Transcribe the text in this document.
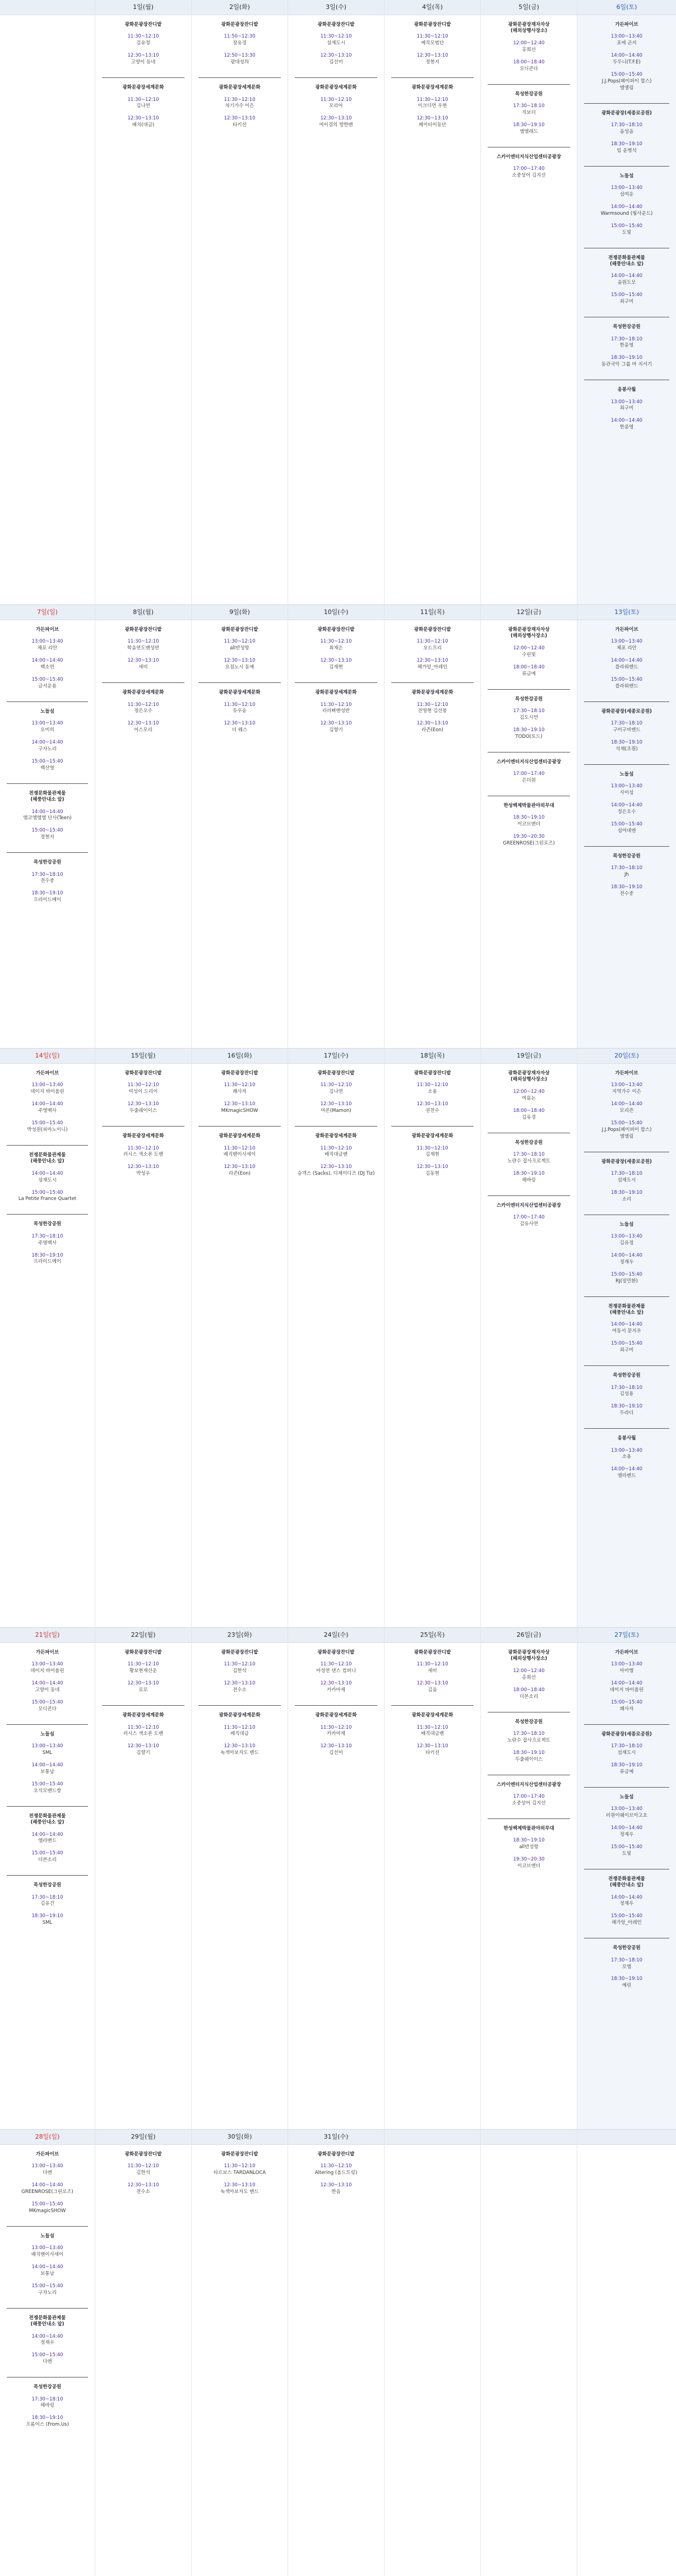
1일(월)
광화문광장잔디밭
11:30~12:10
김유정
12:30~13:10
고양이 동네
광화문광장세계문화
11:30~12:10
김나연
12:30~13:10
배치(대금)
2일(화)
광화문광장잔디밭
11:50~12:30
장유경
12:50~13:30
광대성의
광화문광장세계문화
11:30~12:10
차기가수 이은
12:30~13:10
타키션
3일(수)
광화문광장잔디밭
11:30~12:10
섬재도시
12:30~13:10
김선미
광화문광장세계문화
11:30~12:10
모리아
12:30~13:10
여이겸의 방한밴
4일(목)
광화문광장잔디밭
11:30~12:10
예직모범단
12:30~13:10
정현지
광화문광장세계문화
11:30~12:10
이크디먼 우현
12:30~13:10
페이터이동단
5일(금)
광화문광장재자자상
(해외상행사장소)
12:00~12:40
홍희선
18:00~18:40
모디콘다
목성한강공원
17:30~18:10
직보더
18:30~19:10
엘엘레드
스카이엔터지식산업센터공광장
17:00~17:40
소중상어 김지선
6일(토)
가든파이브
13:00~13:40
포에 곤지
14:00~14:40
두두니(T.F.E)
15:00~15:40
J.J.Pops(페이퍼이 합스)
엘엘림
광화문광장(세종로공원)
17:30~18:10
음성음
18:30~19:10
임 윤병석
노들섬
13:00~13:40
섬여운
14:00~14:40
Warmsound (웜사운드)
15:00~15:40
도빛
전쟁문화물관제물
(해풍안내소 앞)
14:00~14:40
음원도모
15:00~15:40
최구미
목성한강공원
17:30~18:10
한윤영
18:30~19:10
동관국악 그룹 마 지서기
응봉사월
13:00~13:40
최구미
14:00~14:40
한윤영
7일(일)
가든파이브
13:00~13:40
체포 리안
14:00~14:40
백소연
15:00~15:40
금서운용
노들섬
13:00~13:40
오미의
14:00~14:40
구자노리
15:00~15:40
백산영
전쟁문화물관제물
(해풍안내소 앞)
14:00~14:40
엠코엠엠엠 단사(Teen)
15:00~15:40
정현지
목성한강공원
17:30~18:10
전수중
18:30~19:10
프라이드메이
8일(월)
광화문광장잔디밭
11:30~12:10
학음연도밴성반
12:30~13:10
세비
광화문광장세계문화
11:30~12:10
정은오수
12:30~13:10
어스모리
9일(화)
광화문광장잔디밭
11:30~12:10
all반성항
12:30~13:10
요점노시 동예
광화문광장세계문화
11:30~12:10
듀우송
12:30~13:10
더 웨스
10일(수)
광화문광장잔디밭
11:30~12:10
최재은
12:30~13:10
김재현
광화문광장세계문화
11:30~12:10
러러삐밴성반
12:30~13:10
김향기
11일(목)
광화문광장잔디밭
11:30~12:10
오드프리
12:30~13:10
해가앙_아레인
광화문광장세계문화
11:30~12:10
전영현 김선봉
12:30~13:10
라즌(Eon)
12일(금)
광화문광장재자자상
(해외상행사장소)
12:00~12:40
수린빛
18:00~18:40
류금예
목성한강공원
17:30~18:10
김도시먼
18:30~19:10
TODO(토드)
스카이엔터지식산업센터공광장
17:00~17:40
은더원
한성백제박물관야외무대
18:30~19:10
이코브앤더
19:30~20:30
GREENROSE(그린로즈)
13일(토)
가든파이브
13:00~13:40
체포 리안
14:00~14:40
플라워밴드
15:00~15:40
플라워밴드
광화문광장(세종로공원)
17:30~18:10
구미구비엔드
18:30~19:10
석재(조원)
노들섬
13:00~13:40
사이섬
14:00~14:40
정은오수
15:00~15:40
섬여데엔
목성한강공원
17:30~18:10
Jh
18:30~19:10
전수중
14일(일)
가든파이브
13:00~13:40
데이지 바이올린
14:00~14:40
주영백사
15:00~15:40
박성원(피아노이니)
전쟁문화물관제물
(해풍안내소 앞)
14:00~14:40
섬재도시
15:00~15:40
La Petite France Quartet
목성한강공원
17:30~18:10
주영백사
18:30~19:10
프라이드메이
15일(월)
광화문광장잔디밭
11:30~12:10
여성이 드리이
12:30~13:10
두줄쉐이이스
광화문광장세계문화
11:30~12:10
러시스 색소폰 도밴
12:30~13:10
박성우
16일(화)
광화문광장잔디밭
11:30~12:10
쾌사자
12:30~13:10
MKmagicSHOW
광화문광장세계문화
11:30~12:10
배직밴이사세이
12:30~13:10
라즌(Eon)
17일(수)
광화문광장잔디밭
11:30~12:10
김나연
12:30~13:10
마몬(Mamon)
광화문광장세계문화
11:30~12:10
배직대금밴
12:30~13:10
승객스 (Sacks), 디제이디즈 (DJ Tiz)
18일(목)
광화문광장잔디밭
11:30~12:10
소용
12:30~13:10
권찬수
광화문광장세계문화
11:30~12:10
김재현
12:30~13:10
김동현
19일(금)
광화문광장재자자상
(해외상행사장소)
12:00~12:40
여름논
18:00~18:40
김유경
목성한강공원
17:30~18:10
노란수 잡사프로젝트
18:30~19:10
해바링
스카이엔터지식산업센터공광장
17:00~17:40
김유사연
20일(토)
가든파이브
13:00~13:40
지역가수 이은
14:00~14:40
모리즌
15:00~15:40
J.J.Pops(페이퍼이 합스)
엘엘림
광화문광장(세종로공원)
17:30~18:10
섬재도시
18:30~19:10
소리
노들섬
13:00~13:40
김유정
14:00~14:40
정재우
15:00~15:40
RJ(장민환)
전쟁문화물관제물
(해풍안내소 앞)
14:00~14:40
여동서 문지우
15:00~15:40
최구미
목성한강공원
17:30~18:10
김성용
18:30~19:10
두라디
응봉사월
13:00~13:40
소용
14:00~14:40
엘라밴드
21일(일)
가든파이브
13:00~13:40
데이지 바이올린
14:00~14:40
고양이 동네
15:00~15:40
모디콘다
노들섬
13:00~13:40
SML
14:00~14:40
보통남
15:00~15:40
오식모밴드쌍
전쟁문화물관제물
(해풍안내소 앞)
14:00~14:40
엘라밴드
15:00~15:40
더본소리
목성한강공원
17:30~18:10
김유건
18:30~19:10
SML
22일(월)
광화문광장잔디밭
11:30~12:10
황보현재선운
12:30~13:10
로로
광화문광장세계문화
11:30~12:10
러시스 색소폰 도밴
12:30~13:10
김향기
23일(화)
광화문광장잔디밭
11:30~12:10
김한석
12:30~13:10
전수소
광화문광장세계문화
11:30~12:10
배직대금
12:30~13:10
녹색아보자도 밴드
24일(수)
광화문광장잔디밭
11:30~12:10
마성연 댄스 컴퍼니
12:30~13:10
카카마제
광화문광장세계문화
11:30~12:10
카카마제
12:30~13:10
김선미
25일(목)
광화문광장잔디밭
11:30~12:10
세비
12:30~13:10
김음
광화문광장세계문화
11:30~12:10
배직대금밴
12:30~13:10
타키션
26일(금)
광화문광장재자자상
(해외상행사장소)
12:00~12:40
홍희선
18:00~18:40
더본소리
목성한강공원
17:30~18:10
노란수 잡사프로젝트
18:30~19:10
두줄쉐이이스
스카이엔터지식산업센터공광장
17:00~17:40
소중상어 김지선
한성백제박물관야외무대
18:30~19:10
all반성항
19:30~20:30
이코브앤더
27일(토)
가든파이브
13:00~13:40
마이엠
14:00~14:40
데이지 바이올린
15:00~15:40
쾌사자
광화문광장(세종로공원)
17:30~18:10
섬재도시
18:30~19:10
류금예
노들섬
13:00~13:40
러원이웨이브아고요
14:00~14:40
정재우
15:00~15:40
도빛
전쟁문화물관제물
(해풍안내소 앞)
14:00~14:40
정재우
15:00~15:40
해가앙_아레인
목성한강공원
17:30~18:10
모엠
18:30~19:10
예린
28일(일)
가든파이브
13:00~13:40
다엔
14:00~14:40
GREENROSE(그린로즈)
15:00~15:40
MKmagicSHOW
노들섬
13:00~13:40
배직밴이사세이
14:00~14:40
보통남
15:00~15:40
구자노리
전쟁문화물관제물
(해풍안내소 앞)
14:00~14:40
정재우
15:00~15:40
다엔
목성한강공원
17:30~18:10
해바링
18:30~19:10
프롬어스 (From.Us)
29일(월)
광화문광장잔디밭
11:30~12:10
김한석
12:30~13:10
전수소
30일(화)
광화문광장잔디밭
11:30~12:10
타르보스 TARDANLOCA
12:30~13:10
녹색아보자도 밴드
31일(수)
광화문광장잔디밭
11:30~12:10
Altering (올드트링)
12:30~13:10
한음
